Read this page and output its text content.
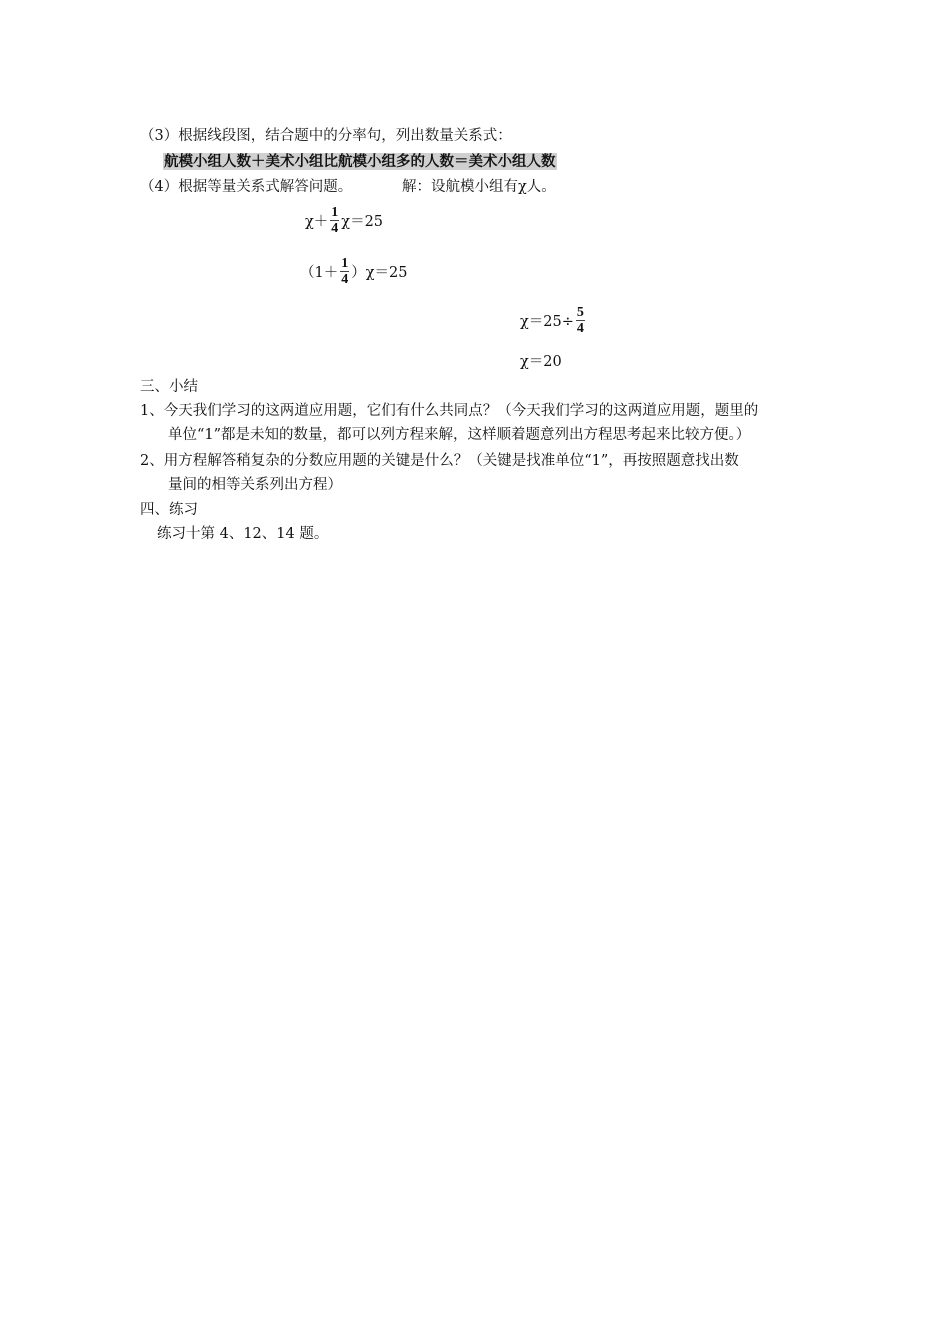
（3）根据线段图，结合题中的分率句，列出数量关系式：
航模小组人数＋美术小组比航模小组多的人数＝美术小组人数
（4）根据等量关系式解答问题。	解：设航模小组有χ人。
$\chi+ \frac{1}{4} \chi=25$
$(1+ \frac{1}{4} )\chi=25$
$\chi=25\div \frac{5}{4}$
χ＝20
三、小结
1、今天我们学习的这两道应用题，它们有什么共同点？（今天我们学习的这两道应用题，题里的
单位“1”都是未知的数量，都可以列方程来解，这样顺着题意列出方程思考起来比较方便。）
2、用方程解答稍复杂的分数应用题的关键是什么？（关键是找准单位“1”，再按照题意找出数
量间的相等关系列出方程）
四、练习
练习十第 4、12、14 题。
